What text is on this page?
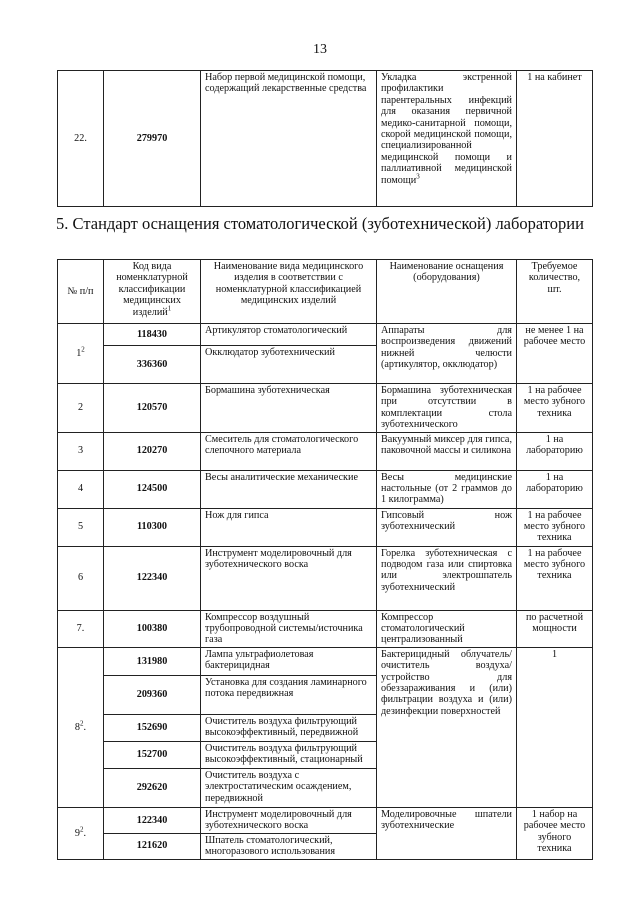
13
22.	279970	Набор первой медицинской помощи, содержащий лекарственные средства	Укладка экстренной профилактики парентеральных инфекций для оказания первичной медико-санитарной помощи, скорой медицинской помощи, специализированной медицинской помощи и паллиативной медицинской помощи$^3$	1 на кабинет
5. Стандарт оснащения стоматологической (зуботехнической) лаборатории
№ п/п	Код вида номенклатурной классификации медицинских изделий$^1$	Наименование вида медицинского изделия в соответствии с номенклатурной классификацией медицинских изделий	Наименование оснащения (оборудования)	Требуемое количество, шт.
$1^2$	118430	Артикулятор стоматологический	Аппараты для воспроизведения движений нижней челюсти (артикулятор, окклюдатор)	не менее 1 на рабочее место
	336360	Окклюдатор зуботехнический		
2	120570	Бормашина зуботехническая	Бормашина зуботехническая при отсутствии в комплектации стола зуботехнического	1 на рабочее место зубного техника
3	120270	Смеситель для стоматологического слепочного материала	Вакуумный миксер для гипса, паковочной массы и силикона	1 на лабораторию
4	124500	Весы аналитические механические	Весы медицинские настольные (от 2 граммов до 1 килограмма)	1 на лабораторию
5	110300	Нож для гипса	Гипсовый нож зуботехнический	1 на рабочее место зубного техника
6	122340	Инструмент моделировочный для зуботехнического воска	Горелка зуботехническая с подводом газа или спиртовка или электрошпатель зуботехнический	1 на рабочее место зубного техника
7.	100380	Компрессор воздушный трубопроводной системы/источника газа	Компрессор стоматологический централизованный	по расчетной мощности
$8^2$.	131980	Лампа ультрафиолетовая бактерицидная	Бактерицидный облучатель/очиститель воздуха/устройство для обеззараживания и (или) фильтрации воздуха и (или) дезинфекции поверхностей	1
	209360	Установка для создания ламинарного потока передвижная		
	152690	Очиститель воздуха фильтрующий высокоэффективный, передвижной		
	152700	Очиститель воздуха фильтрующий высокоэффективный, стационарный		
	292620	Очиститель воздуха с электростатическим осаждением, передвижной		
$9^2$.	122340	Инструмент моделировочный для зуботехнического воска	Моделировочные шпатели зуботехнические	1 набор на рабочее место зубного техника
	121620	Шпатель стоматологический, многоразового использования		
